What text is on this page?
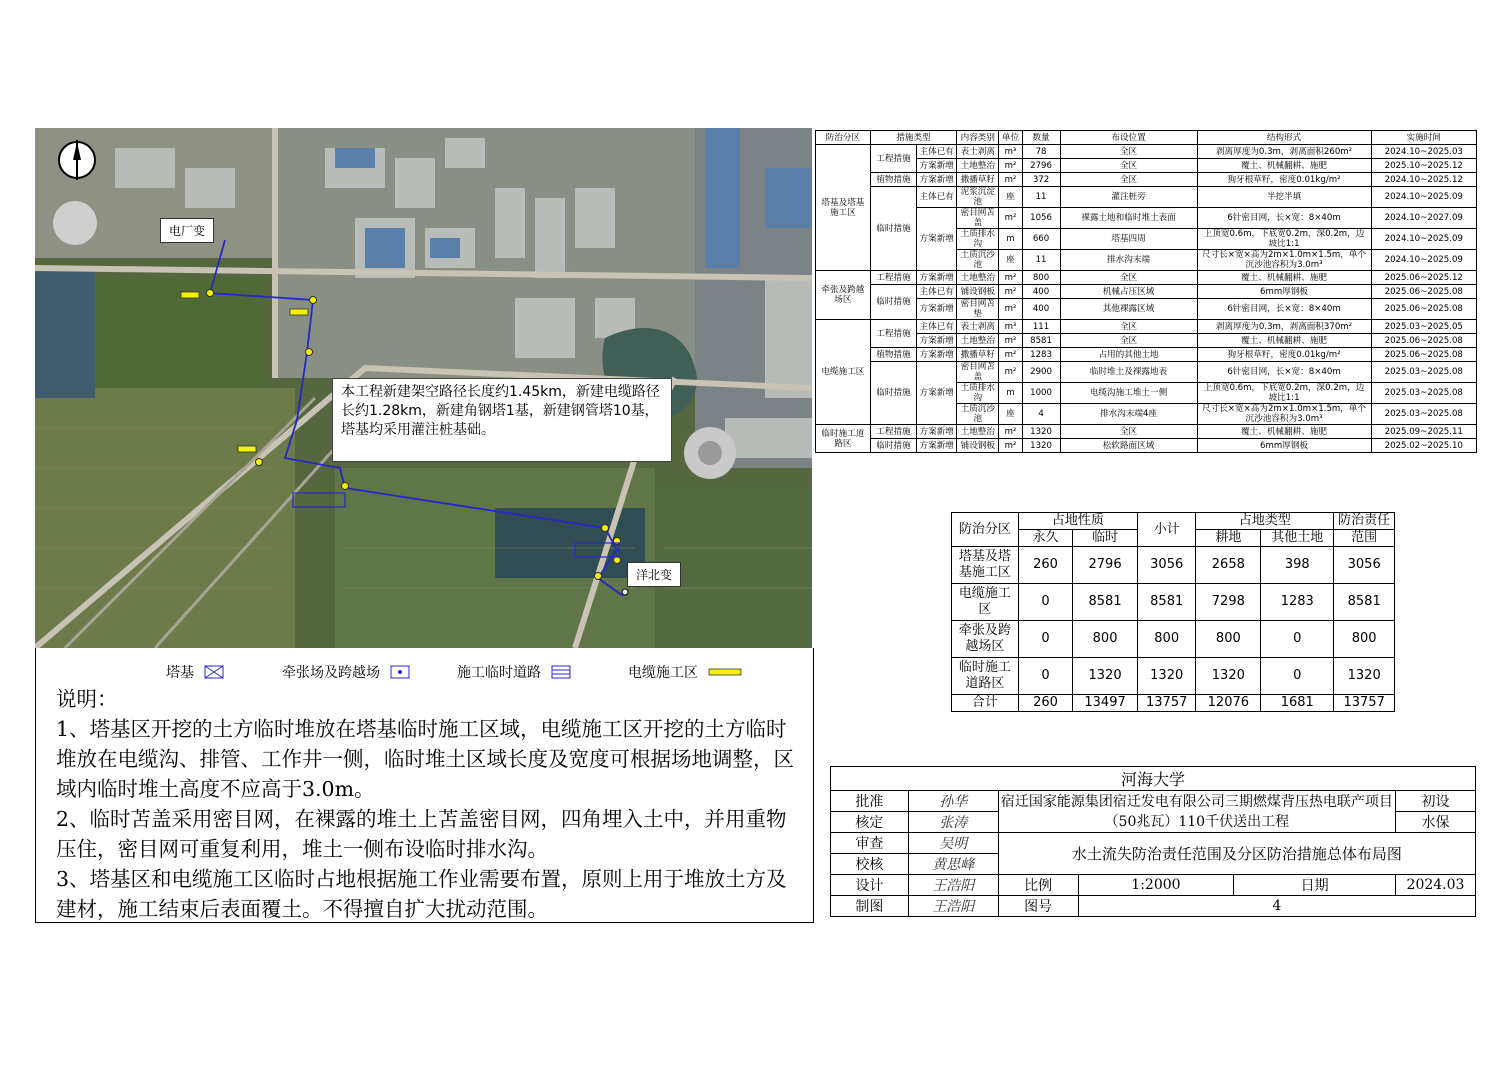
电厂变
洋北变
本工程新建架空路径长度约1.45km，新建电缆路径长约1.28km，新建角钢塔1基，新建钢管塔10基，塔基均采用灌注桩基础。
塔基	牵张场及跨越场	施工临时道路	电缆施工区

说明：

1、塔基区开挖的土方临时堆放在塔基临时施工区域，电缆施工区开挖的土方临时堆放在电缆沟、排管、工作井一侧，临时堆土区域长度及宽度可根据场地调整，区域内临时堆土高度不应高于3.0m。

2、临时苫盖采用密目网，在裸露的堆土上苫盖密目网，四角埋入土中，并用重物压住，密目网可重复利用，堆土一侧布设临时排水沟。

3、塔基区和电缆施工区临时占地根据施工作业需要布置，原则上用于堆放土方及建材，施工结束后表面覆土。不得擅自扩大扰动范围。

防治分区	措施类型		内容类别	单位	数量	布设位置	结构形式	实施时间
塔基及塔基施工区	工程措施	主体已有	表土剥离	m³	78	全区	剥离厚度为0.3m，剥离面积260m²	2024.10~2025.03
		方案新增	土地整治	m²	2796	全区	覆土、机械翻耕、施肥	2025.10~2025.12
	植物措施	方案新增	撒播草籽	m²	372	全区	狗牙根草籽，密度0.01kg/m²	2024.10~2025.12
	临时措施	主体已有	泥浆沉淀池	座	11	灌注桩旁	半挖半填	2024.10~2025.09
		方案新增	密目网苫盖	m²	1056	裸露土地和临时堆土表面	6针密目网，长×宽：8×40m	2024.10~2027.09
			土质排水沟	m	660	塔基四周	上顶宽0.6m，下底宽0.2m，深0.2m，边坡比1:1	2024.10~2025.09
			土质沉沙池	座	11	排水沟末端	尺寸长×宽×高为2m×1.0m×1.5m，单个沉沙池容积为3.0m³	2024.10~2025.09
牵张及跨越场区	工程措施	方案新增	土地整治	m²	800	全区	覆土、机械翻耕、施肥	2025.06~2025.12
	临时措施	主体已有	铺设钢板	m²	400	机械占压区域	6mm厚钢板	2025.06~2025.08
		方案新增	密目网苫垫	m²	400	其他裸露区域	6针密目网，长×宽：8×40m	2025.06~2025.08
电缆施工区	工程措施	主体已有	表土剥离	m³	111	全区	剥离厚度为0.3m，剥离面积370m²	2025.03~2025.05
		方案新增	土地整治	m²	8581	全区	覆土、机械翻耕、施肥	2025.06~2025.08
	植物措施	方案新增	撒播草籽	m²	1283	占用的其他土地	狗牙根草籽，密度0.01kg/m²	2025.06~2025.08
	临时措施	方案新增	密目网苫盖	m²	2900	临时堆土及裸露地表	6针密目网，长×宽：8×40m	2025.03~2025.08
			土质排水沟	m	1000	电缆沟施工堆土一侧	上顶宽0.6m，下底宽0.2m，深0.2m，边坡比1:1	2025.03~2025.08
			土质沉沙池	座	4	排水沟末端4座	尺寸长×宽×高为2m×1.0m×1.5m，单个沉沙池容积为3.0m³	2025.03~2025.08
临时施工道路区	工程措施	方案新增	土地整治	m²	1320	全区	覆土、机械翻耕、施肥	2025.09~2025.11
	临时措施	方案新增	铺设钢板	m²	1320	松软路面区域	6mm厚钢板	2025.02~2025.10
防治分区	占地性质		小计	占地类型		防治责任
	永久	临时		耕地	其他土地	范围
塔基及塔基施工区	260	2796	3056	2658	398	3056
电缆施工区	0	8581	8581	7298	1283	8581
牵张及跨越场区	0	800	800	800	0	800
临时施工道路区	0	1320	1320	1320	0	1320
合计	260	13497	13757	12076	1681	13757
河海大学					
批准	孙华	宿迁国家能源集团宿迁发电有限公司三期燃煤背压热电联产项目（50兆瓦）110千伏送出工程			初设
核定	张涛				水保
审查	吴明	水土流失防治责任范围及分区防治措施总体布局图			
校核	黄思峰				
设计	王浩阳	比例	1:2000	日期	2024.03
制图	王浩阳	图号	4		
